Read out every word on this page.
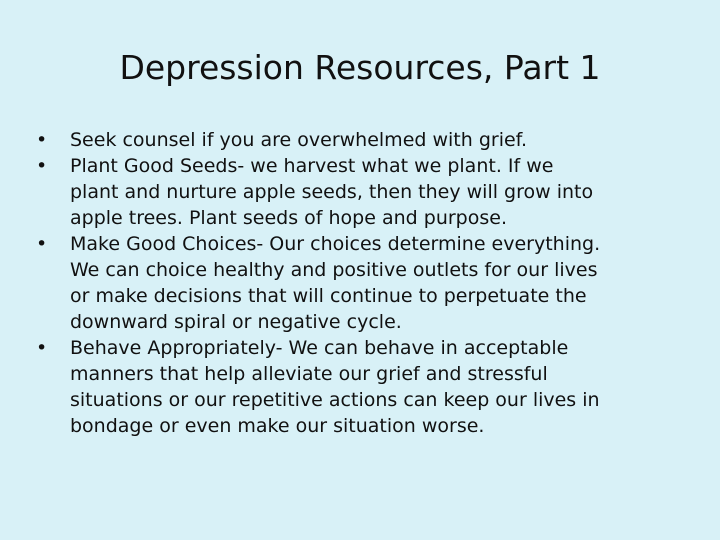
Depression Resources, Part 1
•	Seek counsel if you are overwhelmed with grief.
•	Plant Good Seeds- we harvest what we plant. If we
plant and nurture apple seeds, then they will grow into
apple trees. Plant seeds of hope and purpose.
•	Make Good Choices- Our choices determine everything.
We can choice healthy and positive outlets for our lives
or make decisions that will continue to perpetuate the
downward spiral or negative cycle.
•	Behave Appropriately- We can behave in acceptable
manners that help alleviate our grief and stressful
situations or our repetitive actions can keep our lives in
bondage or even make our situation worse.
